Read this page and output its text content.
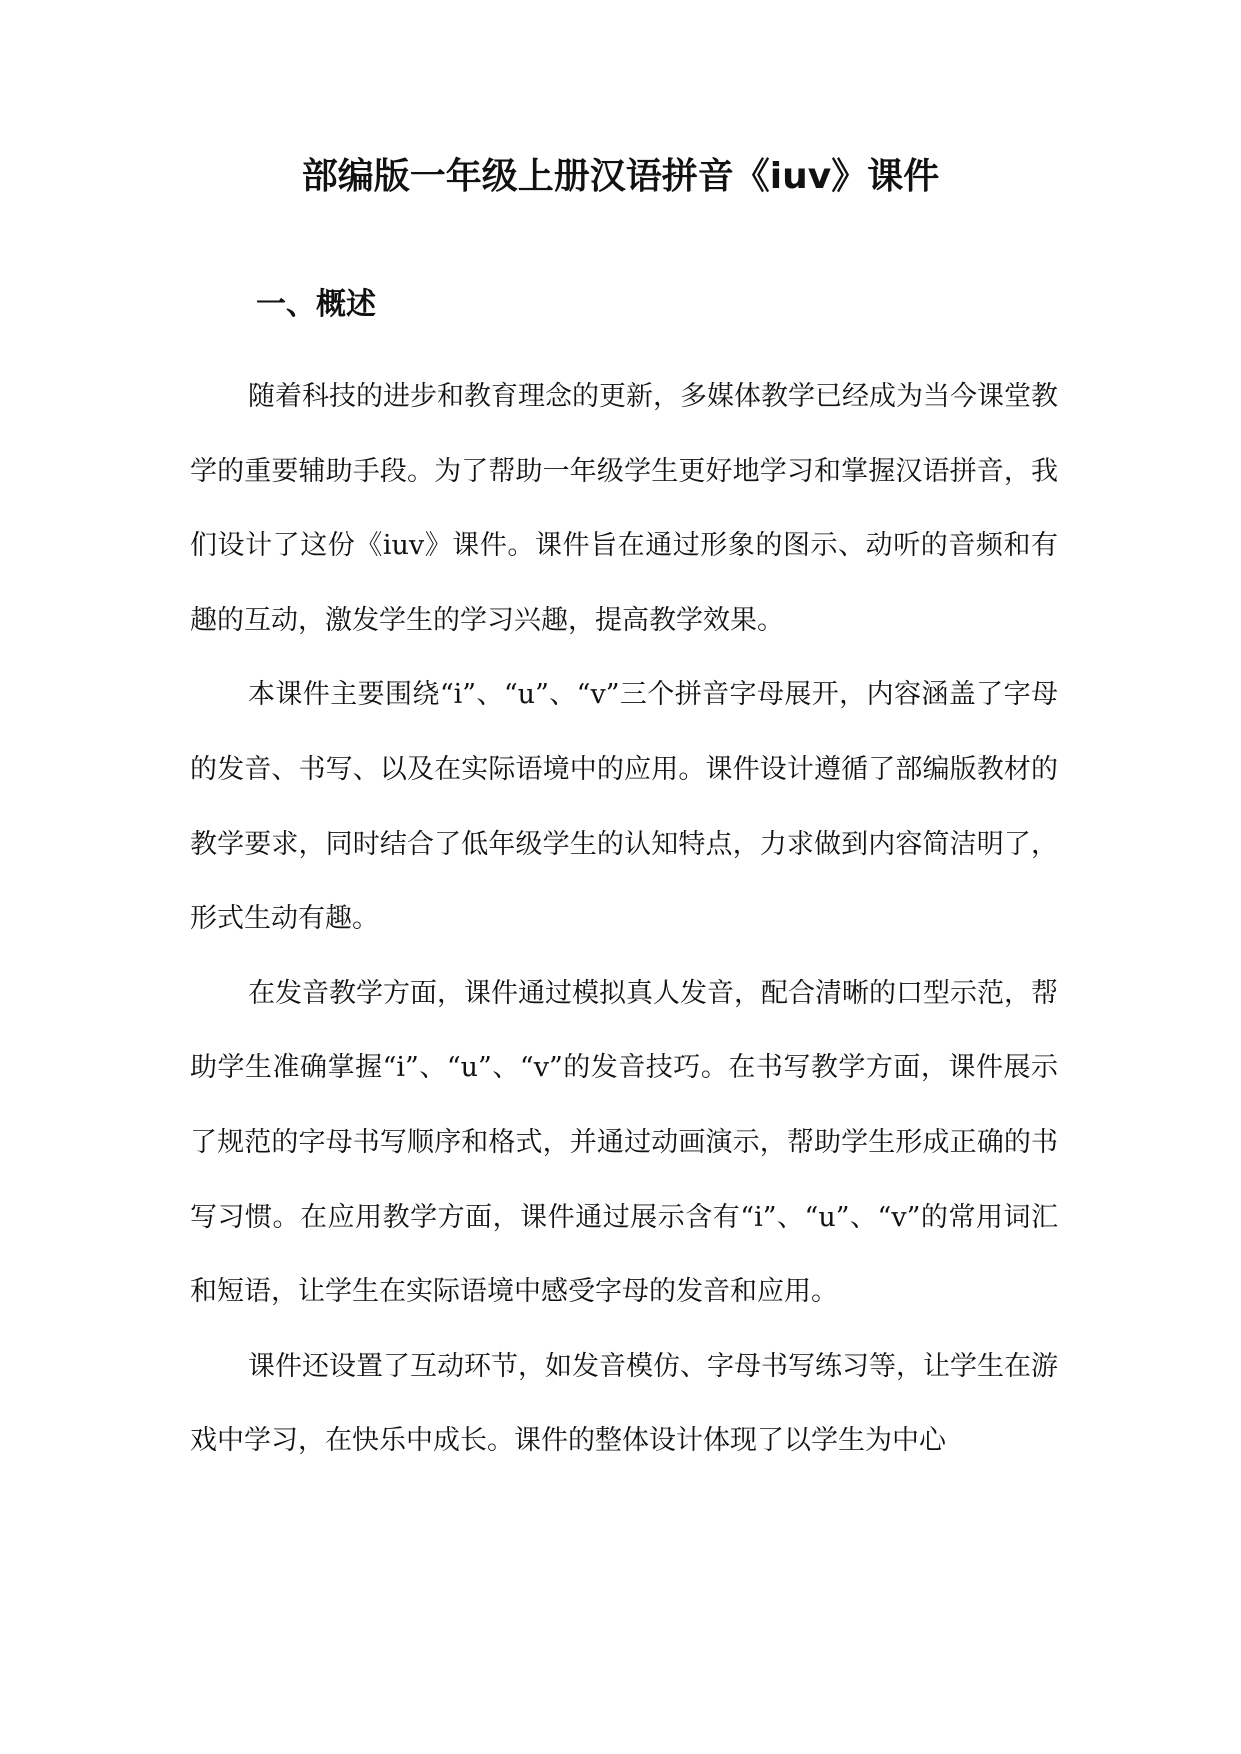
部编版一年级上册汉语拼音《iuv》课件
一、概述

随着科技的进步和教育理念的更新，多媒体教学已经成为当今课堂教学的重要辅助手段。为了帮助一年级学生更好地学习和掌握汉语拼音，我们设计了这份《iuv》课件。课件旨在通过形象的图示、动听的音频和有趣的互动，激发学生的学习兴趣，提高教学效果。

本课件主要围绕“i”、“u”、“v”三个拼音字母展开，内容涵盖了字母的发音、书写、以及在实际语境中的应用。课件设计遵循了部编版教材的教学要求，同时结合了低年级学生的认知特点，力求做到内容简洁明了，形式生动有趣。

在发音教学方面，课件通过模拟真人发音，配合清晰的口型示范，帮助学生准确掌握“i”、“u”、“v”的发音技巧。在书写教学方面，课件展示了规范的字母书写顺序和格式，并通过动画演示，帮助学生形成正确的书写习惯。在应用教学方面，课件通过展示含有“i”、“u”、“v”的常用词汇和短语，让学生在实际语境中感受字母的发音和应用。

课件还设置了互动环节，如发音模仿、字母书写练习等，让学生在游戏中学习，在快乐中成长。课件的整体设计体现了以学生为中心
